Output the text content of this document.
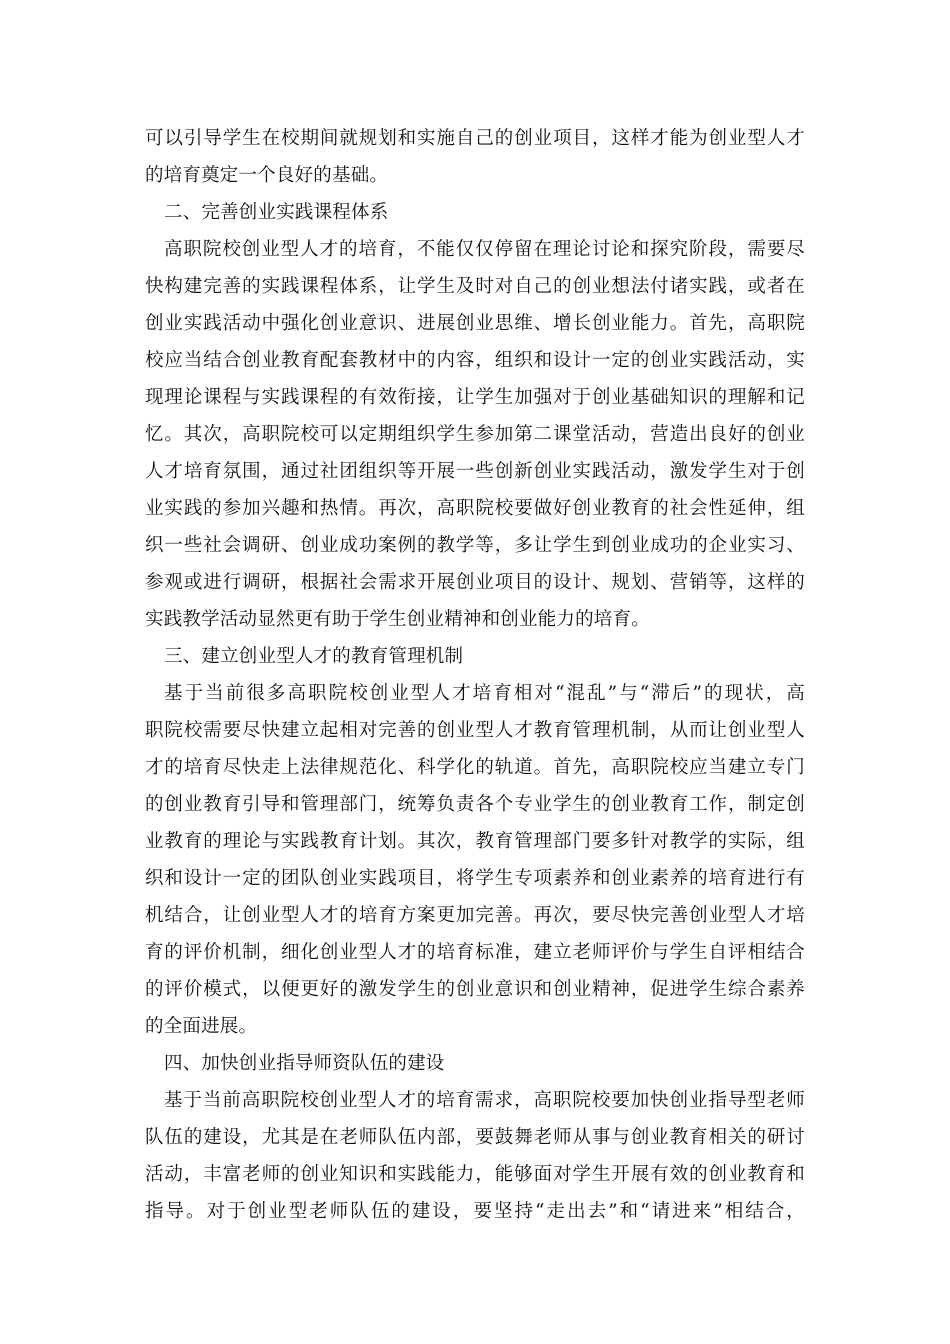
可以引导学生在校期间就规划和实施自己的创业项目，这样才能为创业型人才
的培育奠定一个良好的基础。
二、完善创业实践课程体系
高职院校创业型人才的培育，不能仅仅停留在理论讨论和探究阶段，需要尽
快构建完善的实践课程体系，让学生及时对自己的创业想法付诸实践，或者在
创业实践活动中强化创业意识、进展创业思维、增长创业能力。首先，高职院
校应当结合创业教育配套教材中的内容，组织和设计一定的创业实践活动，实
现理论课程与实践课程的有效衔接，让学生加强对于创业基础知识的理解和记
忆。其次，高职院校可以定期组织学生参加第二课堂活动，营造出良好的创业
人才培育氛围，通过社团组织等开展一些创新创业实践活动，激发学生对于创
业实践的参加兴趣和热情。再次，高职院校要做好创业教育的社会性延伸，组
织一些社会调研、创业成功案例的教学等，多让学生到创业成功的企业实习、
参观或进行调研，根据社会需求开展创业项目的设计、规划、营销等，这样的
实践教学活动显然更有助于学生创业精神和创业能力的培育。
三、建立创业型人才的教育管理机制
基于当前很多高职院校创业型人才培育相对“混乱”与“滞后”的现状，高
职院校需要尽快建立起相对完善的创业型人才教育管理机制，从而让创业型人
才的培育尽快走上法律规范化、科学化的轨道。首先，高职院校应当建立专门
的创业教育引导和管理部门，统筹负责各个专业学生的创业教育工作，制定创
业教育的理论与实践教育计划。其次，教育管理部门要多针对教学的实际，组
织和设计一定的团队创业实践项目，将学生专项素养和创业素养的培育进行有
机结合，让创业型人才的培育方案更加完善。再次，要尽快完善创业型人才培
育的评价机制，细化创业型人才的培育标准，建立老师评价与学生自评相结合
的评价模式，以便更好的激发学生的创业意识和创业精神，促进学生综合素养
的全面进展。
四、加快创业指导师资队伍的建设
基于当前高职院校创业型人才的培育需求，高职院校要加快创业指导型老师
队伍的建设，尤其是在老师队伍内部，要鼓舞老师从事与创业教育相关的研讨
活动，丰富老师的创业知识和实践能力，能够面对学生开展有效的创业教育和
指导。对于创业型老师队伍的建设，要坚持“走出去”和“请进来”相结合，
